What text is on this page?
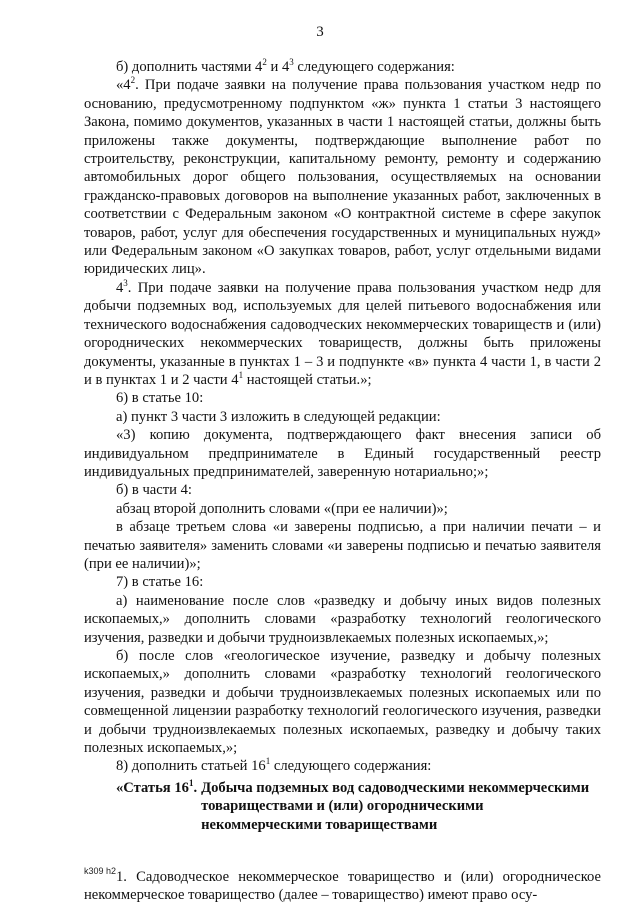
3

б) дополнить частями $4^2$ и $4^3$ следующего содержания:

«$4^2$. При подаче заявки на получение права пользования участком недр по основанию, предусмотренному подпунктом «ж» пункта 1 статьи 3 настоящего Закона, помимо документов, указанных в части 1 настоящей статьи, должны быть приложены также документы, подтверждающие выполнение работ по строительству, реконструкции, капитальному ремонту, ремонту и содержанию автомобильных дорог общего пользования, осуществляемых на основании гражданско-правовых договоров на выполнение указанных работ, заключенных в соответствии с Федеральным законом «О контрактной системе в сфере закупок товаров, работ, услуг для обеспечения государственных и муниципальных нужд» или Федеральным законом «О закупках товаров, работ, услуг отдельными видами юридических лиц».

$4^3$. При подаче заявки на получение права пользования участком недр для добычи подземных вод, используемых для целей питьевого водоснабжения или технического водоснабжения садоводческих некоммерческих товариществ и (или) огороднических некоммерческих товариществ, должны быть приложены документы, указанные в пунктах 1 – 3 и подпункте «в» пункта 4 части 1, в части 2 и в пунктах 1 и 2 части $4^1$ настоящей статьи.»;

6) в статье 10:

а) пункт 3 части 3 изложить в следующей редакции:

«3) копию документа, подтверждающего факт внесения записи об индивидуальном предпринимателе в Единый государственный реестр индивидуальных предпринимателей, заверенную нотариально;»;

б) в части 4:

абзац второй дополнить словами «(при ее наличии)»;

в абзаце третьем слова «и заверены подписью, а при наличии печати – и печатью заявителя» заменить словами «и заверены подписью и печатью заявителя (при ее наличии)»;

7) в статье 16:

а) наименование после слов «разведку и добычу иных видов полезных ископаемых,» дополнить словами «разработку технологий геологического изучения, разведки и добычи трудноизвлекаемых полезных ископаемых,»;

б) после слов «геологическое изучение, разведку и добычу полезных ископаемых,» дополнить словами «разработку технологий геологического изучения, разведки и добычи трудноизвлекаемых полезных ископаемых или по совмещенной лицензии разработку технологий геологического изучения, разведки и добычи трудноизвлекаемых полезных ископаемых, разведку и добычу таких полезных ископаемых,»;

8) дополнить статьей $16^1$ следующего содержания:

«Статья $16^1$. Добыча подземных вод садоводческими некоммерческими товариществами и (или) огородническими некоммерческими товариществами

1. Садоводческое некоммерческое товарищество и (или) огородническое некоммерческое товарищество (далее – товарищество) имеют право осу-

k309 h2
